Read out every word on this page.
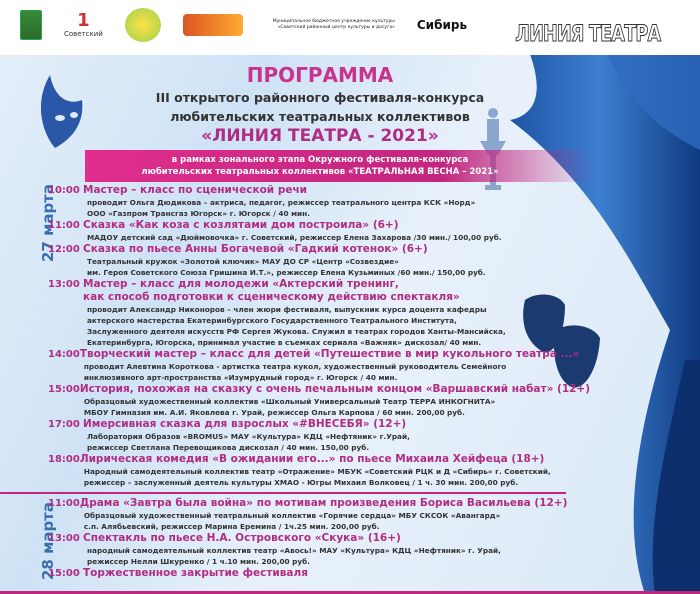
1
Советский
Муниципальное бюджетное учреждение культуры «Советский районный центр культуры и досуга» Сибирь ЛИНИЯ ТЕАТРА
ПРОГРАММА
III открытого районного фестиваля-конкурса
любительских театральных коллективов
«ЛИНИЯ ТЕАТРА - 2021»
в рамках зонального этапа Окружного фестиваля-конкурса
любительских театральных коллективов «ТЕАТРАЛЬНАЯ ВЕСНА – 2021»
27 марта
28 марта
10:00 Мастер – класс по сценической речи
проводит Ольга Дюдикова – актриса, педагог, режиссер театрального центра КСК «Норд»
ООО «Газпром Трансгаз Югорск» г. Югорск / 40 мин.
11:00 Сказка «Как коза с козлятами дом построила» (6+)
МАДОУ детский сад «Дюймовочка» г. Советский, режиссер Елена Захарова /30 мин./ 100,00 руб.
12:00 Сказка по пьесе Анны Богачевой «Гадкий котенок» (6+)
Театральный кружок «Золотой ключик» МАУ ДО СР «Центр «Созвездие»
им. Героя Советского Союза Гришина И.Т.», режиссер Елена Кузьминых /60 мин./ 150,00 руб.
13:00 Мастер – класс для молодежи «Актерский тренинг,
как способ подготовки к сценическому действию спектакля»
проводит Александр Никоноров – член жюри фестиваля, выпускник курса доцента кафедры
актерского мастерства Екатеринбургского Государственного Театрального Института,
Заслуженного деятеля искусств РФ Сергея Жукова. Служил в театрах городов Ханты-Мансийска,
Екатеринбурга, Югорска, принимал участие в съемках сериала «Важняк» дискозал/ 40 мин.
14:00 Творческий мастер – класс для детей «Путешествие в мир кукольного театра ...»
проводит Алевтина Короткова - артистка театра кукол, художественный руководитель Семейного
инклюзивного арт-пространства «Изумрудный город» г. Югорск / 40 мин.
15:00 История, похожая на сказку с очень печальным концом «Варшавский набат» (12+)
Образцовый художественный коллектив «Школьный Универсальный Театр ТЕРРА ИНКОГНИТА»
МБОУ Гимназия им. А.И. Яковлева г. Урай, режиссер Ольга Карпова / 60 мин. 200,00 руб.
17:00 Имерсивная сказка для взрослых «#ВНЕСЕБЯ» (12+)
Лаборатория Образов «BROMUS» МАУ «Культура» КДЦ «Нефтяник» г.Урай,
режиссер Светлана Перевощикова дискозал / 40 мин. 150,00 руб.
18:00 Лирическая комедия «В ожидании его...» по пьесе Михаила Хейфеца (18+)
Народный самодеятельный коллектив театр «Отражение» МБУК «Советский РЦК и Д «Сибирь» г. Советский,
режиссер – заслуженный деятель культуры ХМАО - Югры Михаил Волковец / 1 ч. 30 мин. 200,00 руб.
11:00 Драма «Завтра была война» по мотивам произведения Бориса Васильева (12+)
Образцовый художественный театральный коллектив «Горячие сердца» МБУ СКСОК «Авангард»
с.п. Алябьевский, режиссер Марина Еремина / 1ч.25 мин. 200,00 руб.
13:00 Спектакль по пьесе Н.А. Островского «Скука» (16+)
народный самодеятельный коллектив театр «Авось!» МАУ «Культура» КДЦ «Нефтяник» г. Урай,
режиссер Нелли Шкуренко / 1 ч.10 мин. 200,00 руб.
15:00 Торжественное закрытие фестиваля
